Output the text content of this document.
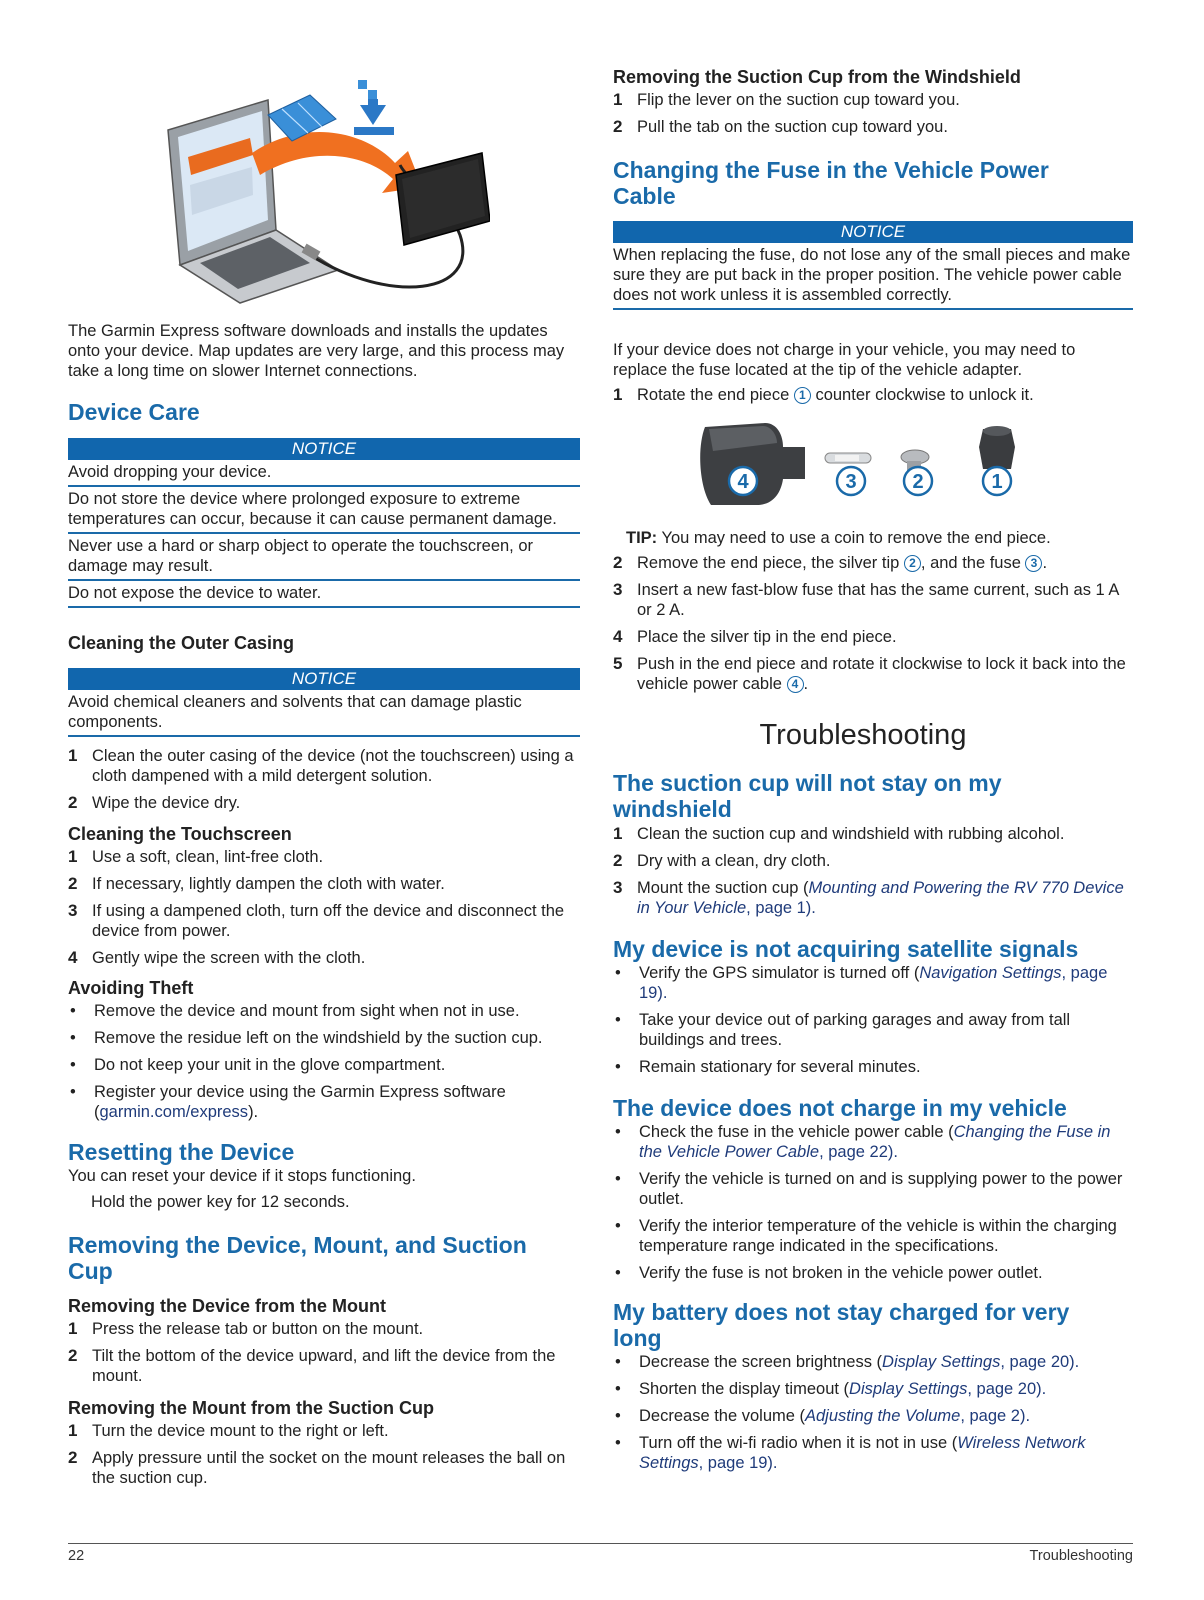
The Garmin Express software downloads and installs the updates onto your device. Map updates are very large, and this process may take a long time on slower Internet connections.

Device Care
NOTICE
Avoid dropping your device.
Do not store the device where prolonged exposure to extreme temperatures can occur, because it can cause permanent damage.
Never use a hard or sharp object to operate the touchscreen, or damage may result.
Do not expose the device to water.
Cleaning the Outer Casing
NOTICE
Avoid chemical cleaners and solvents that can damage plastic components.
1 Clean the outer casing of the device (not the touchscreen) using a cloth dampened with a mild detergent solution.
2 Wipe the device dry.
Cleaning the Touchscreen
1 Use a soft, clean, lint-free cloth.
2 If necessary, lightly dampen the cloth with water.
3 If using a dampened cloth, turn off the device and disconnect the device from power.
4 Gently wipe the screen with the cloth.
Avoiding Theft
•	Remove the device and mount from sight when not in use.
•	Remove the residue left on the windshield by the suction cup.
•	Do not keep your unit in the glove compartment.
•	Register your device using the Garmin Express software (garmin.com/express).
Resetting the Device

You can reset your device if it stops functioning.

Hold the power key for 12 seconds.

Removing the Device, Mount, and Suction Cup
Removing the Device from the Mount
1 Press the release tab or button on the mount.
2 Tilt the bottom of the device upward, and lift the device from the mount.
Removing the Mount from the Suction Cup
1 Turn the device mount to the right or left.
2 Apply pressure until the socket on the mount releases the ball on the suction cup.
Removing the Suction Cup from the Windshield
1 Flip the lever on the suction cup toward you.
2 Pull the tab on the suction cup toward you.
Changing the Fuse in the Vehicle Power Cable
NOTICE
When replacing the fuse, do not lose any of the small pieces and make sure they are put back in the proper position. The vehicle power cable does not work unless it is assembled correctly.

If your device does not charge in your vehicle, you may need to replace the fuse located at the tip of the vehicle adapter.

1 Rotate the end piece 1 counter clockwise to unlock it.
4	3	2	1

TIP: You may need to use a coin to remove the end piece.

2 Remove the end piece, the silver tip 2 , and the fuse 3 .
3 Insert a new fast-blow fuse that has the same current, such as 1 A or 2 A.
4 Place the silver tip in the end piece.
5 Push in the end piece and rotate it clockwise to lock it back into the vehicle power cable 4 .
Troubleshooting
The suction cup will not stay on my windshield
1 Clean the suction cup and windshield with rubbing alcohol.
2 Dry with a clean, dry cloth.
3 Mount the suction cup (Mounting and Powering the RV 770 Device in Your Vehicle, page 1).
My device is not acquiring satellite signals
•	Verify the GPS simulator is turned off (Navigation Settings, page 19).
•	Take your device out of parking garages and away from tall buildings and trees.
•	Remain stationary for several minutes.
The device does not charge in my vehicle
•	Check the fuse in the vehicle power cable (Changing the Fuse in the Vehicle Power Cable, page 22).
•	Verify the vehicle is turned on and is supplying power to the power outlet.
•	Verify the interior temperature of the vehicle is within the charging temperature range indicated in the specifications.
•	Verify the fuse is not broken in the vehicle power outlet.
My battery does not stay charged for very long
•	Decrease the screen brightness (Display Settings, page 20).
•	Shorten the display timeout (Display Settings, page 20).
•	Decrease the volume (Adjusting the Volume, page 2).
•	Turn off the wi-fi radio when it is not in use (Wireless Network Settings, page 19).
22	Troubleshooting
